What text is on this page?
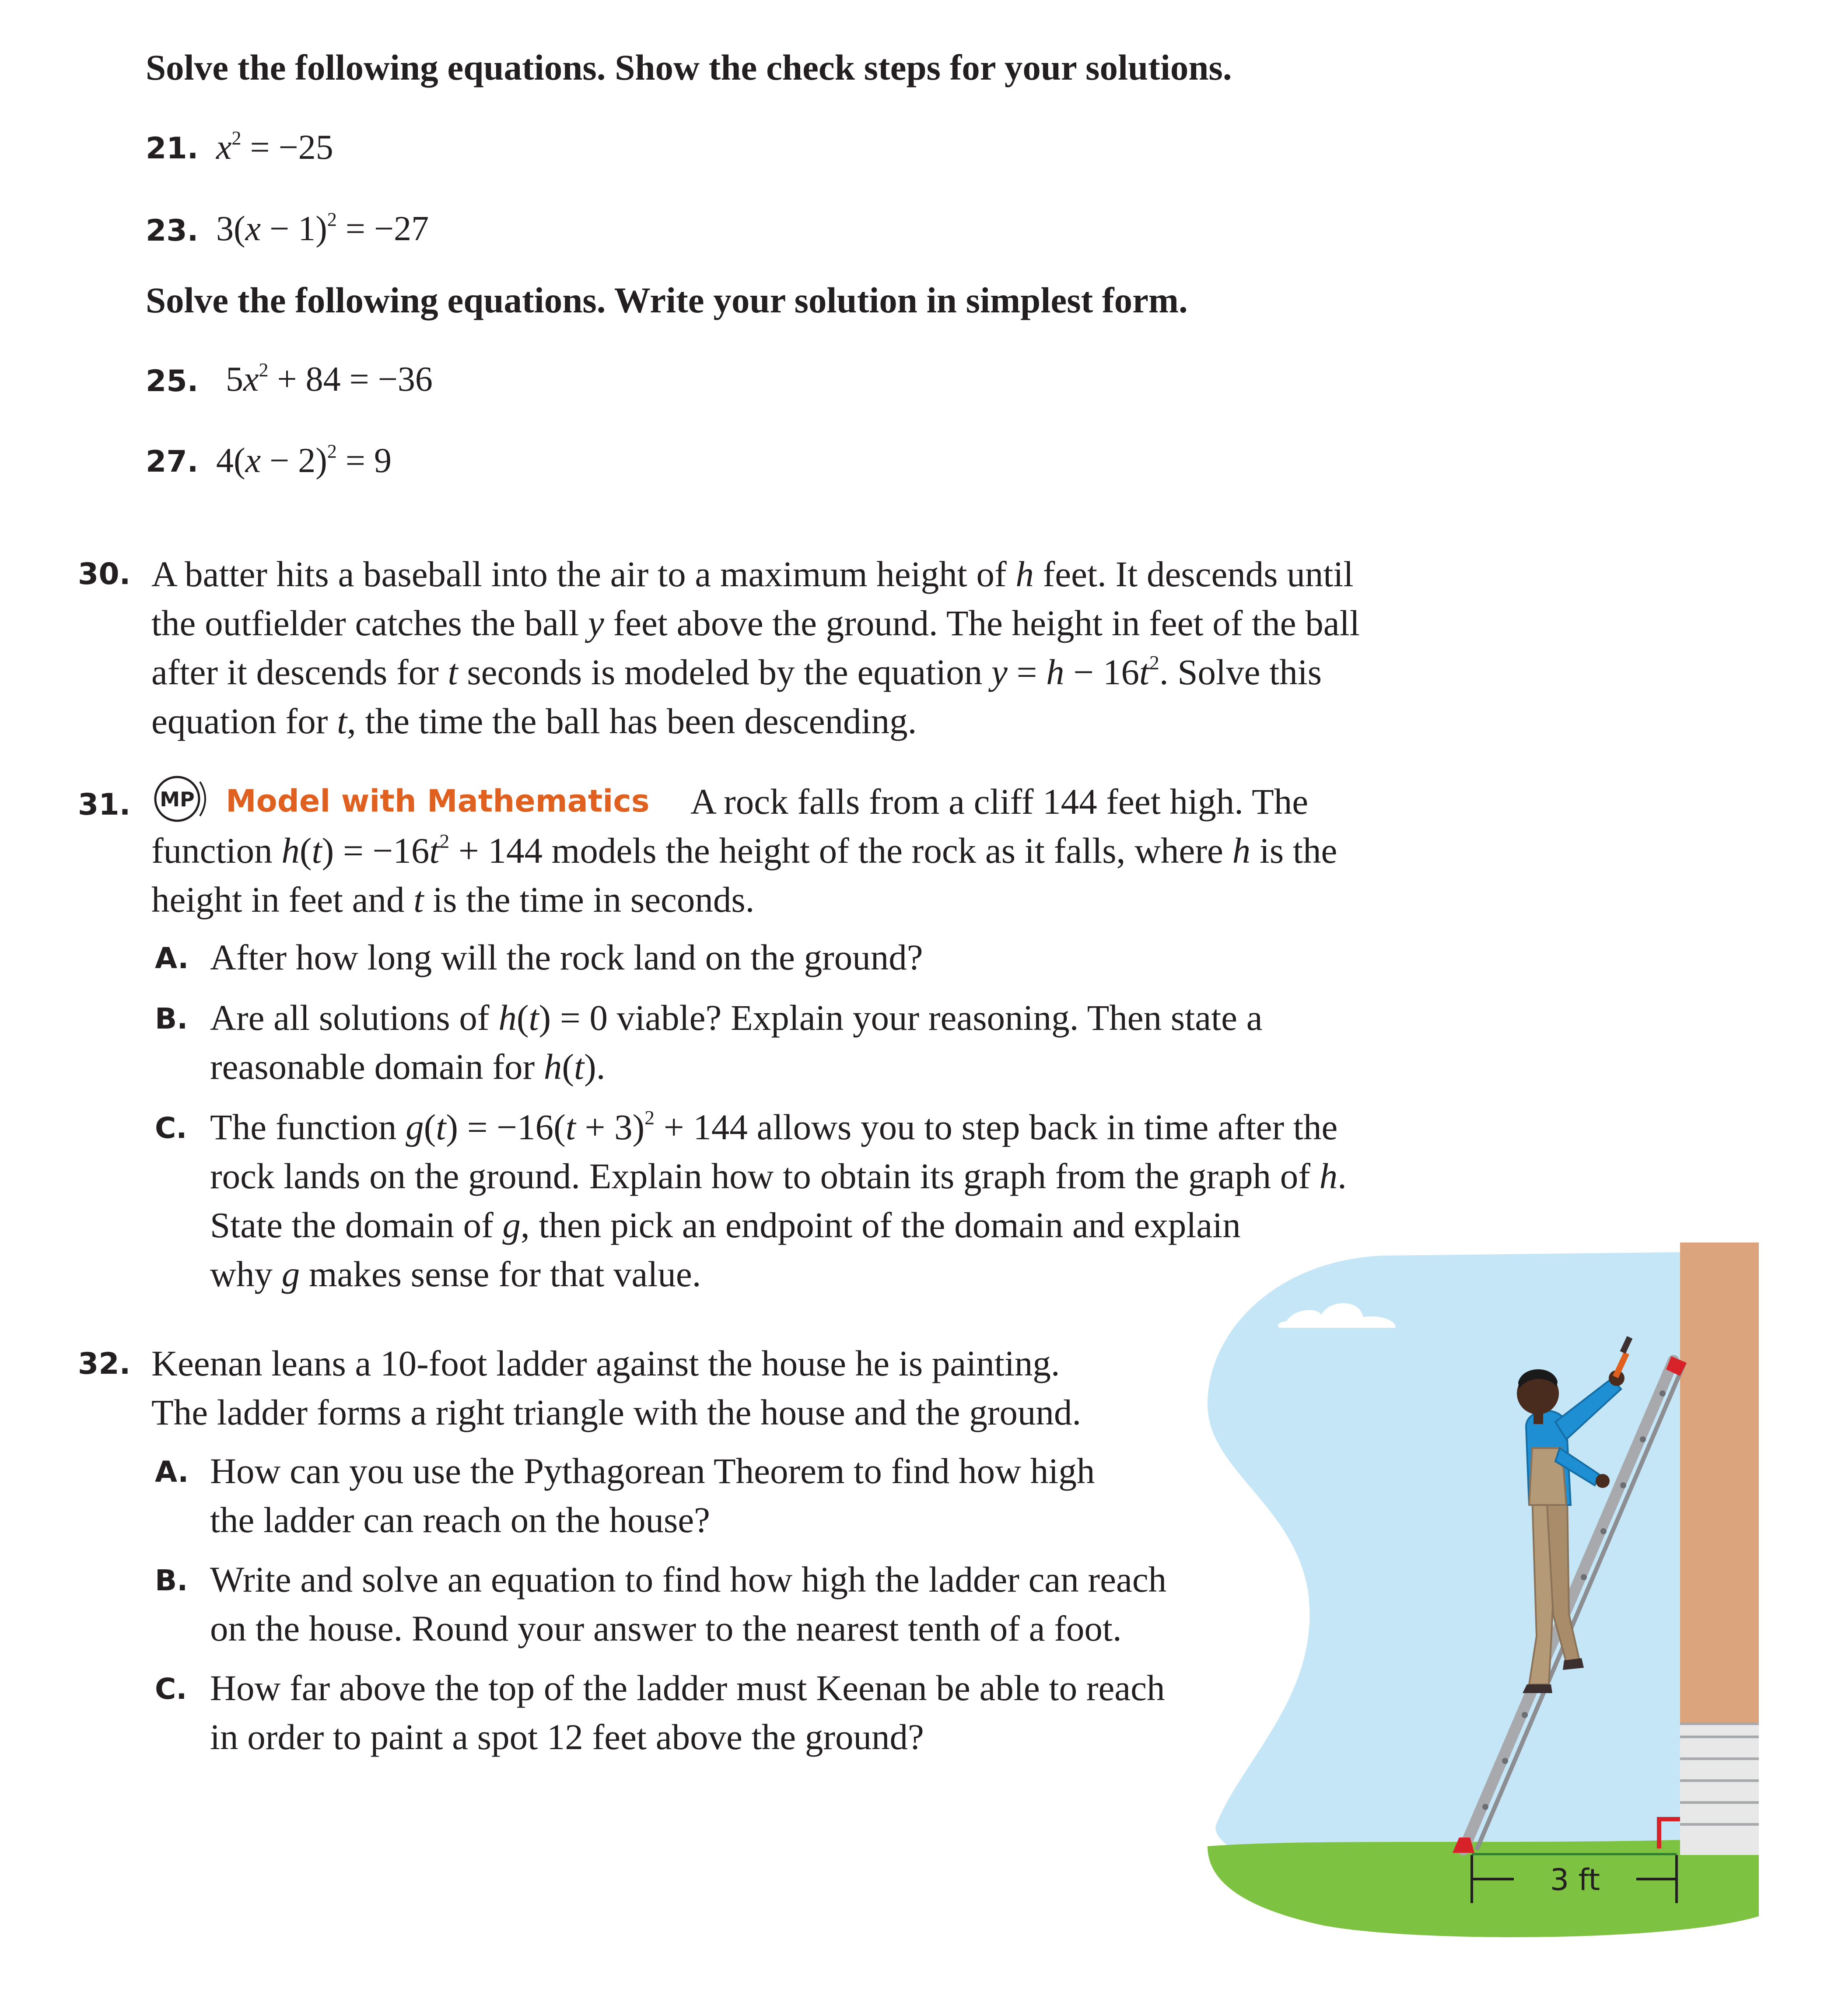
Solve the following equations. Show the check steps for your solutions.
21. $x^2 = -25$
23. $3(x - 1)^2 = -27$
Solve the following equations. Write your solution in simplest form.
25. $5x^2 + 84 = -36$
27. $4(x - 2)^2 = 9$
30. A batter hits a baseball into the air to a maximum height of h feet. It descends until
the outfielder catches the ball y feet above the ground. The height in feet of the ball
after it descends for t seconds is modeled by the equation $y = h - 16t^2$. Solve this
equation for t, the time the ball has been descending.
31. MP Model with Mathematics A rock falls from a cliff 144 feet high. The
function $h(t) = -16t^2 + 144$ models the height of the rock as it falls, where h is the
height in feet and t is the time in seconds.
A. After how long will the rock land on the ground?
B. Are all solutions of h(t) = 0 viable? Explain your reasoning. Then state a
reasonable domain for h(t).
C. The function $g(t) = -16(t + 3)^2 + 144$ allows you to step back in time after the
rock lands on the ground. Explain how to obtain its graph from the graph of h.
State the domain of g, then pick an endpoint of the domain and explain
why g makes sense for that value.
3 ft
32. Keenan leans a 10-foot ladder against the house he is painting.
The ladder forms a right triangle with the house and the ground.
A. How can you use the Pythagorean Theorem to find how high
the ladder can reach on the house?
B. Write and solve an equation to find how high the ladder can reach
on the house. Round your answer to the nearest tenth of a foot.
C. How far above the top of the ladder must Keenan be able to reach
in order to paint a spot 12 feet above the ground?
